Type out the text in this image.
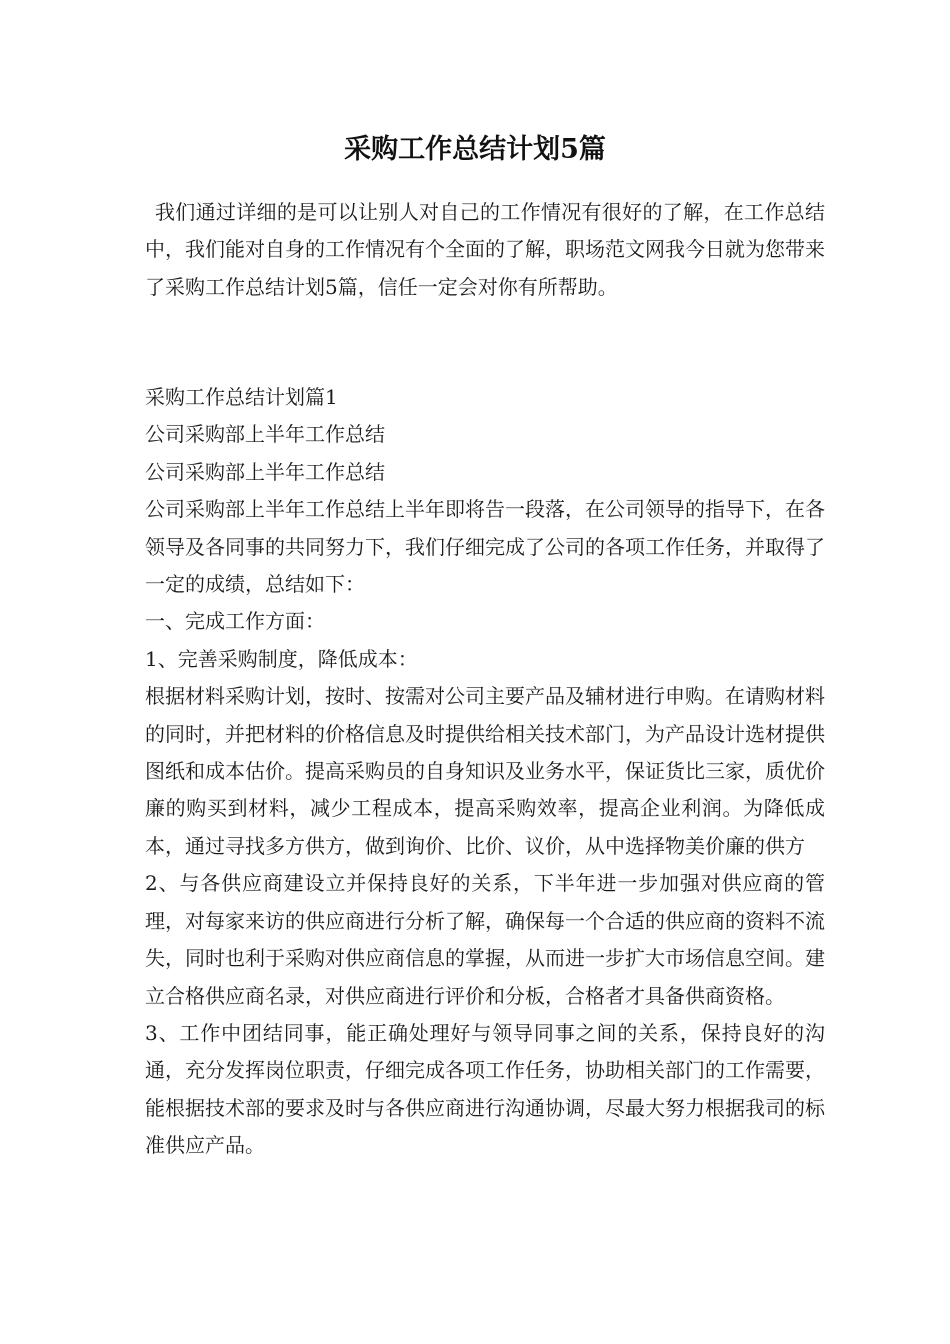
采购工作总结计划5篇

我们通过详细的是可以让别人对自己的工作情况有很好的了解，在工作总结中，我们能对自身的工作情况有个全面的了解，职场范文网我今日就为您带来了采购工作总结计划5篇，信任一定会对你有所帮助。

采购工作总结计划篇1

公司采购部上半年工作总结

公司采购部上半年工作总结

公司采购部上半年工作总结上半年即将告一段落，在公司领导的指导下，在各领导及各同事的共同努力下，我们仔细完成了公司的各项工作任务，并取得了一定的成绩，总结如下：

一、完成工作方面：

1、完善采购制度，降低成本：

根据材料采购计划，按时、按需对公司主要产品及辅材进行申购。在请购材料的同时，并把材料的价格信息及时提供给相关技术部门，为产品设计选材提供图纸和成本估价。提高采购员的自身知识及业务水平，保证货比三家，质优价廉的购买到材料，减少工程成本，提高采购效率，提高企业利润。为降低成本，通过寻找多方供方，做到询价、比价、议价，从中选择物美价廉的供方

2、与各供应商建设立并保持良好的关系，下半年进一步加强对供应商的管理，对每家来访的供应商进行分析了解，确保每一个合适的供应商的资料不流失，同时也利于采购对供应商信息的掌握，从而进一步扩大市场信息空间。建立合格供应商名录，对供应商进行评价和分板，合格者才具备供商资格。

3、工作中团结同事，能正确处理好与领导同事之间的关系，保持良好的沟通，充分发挥岗位职责，仔细完成各项工作任务，协助相关部门的工作需要，能根据技术部的要求及时与各供应商进行沟通协调，尽最大努力根据我司的标准供应产品。
